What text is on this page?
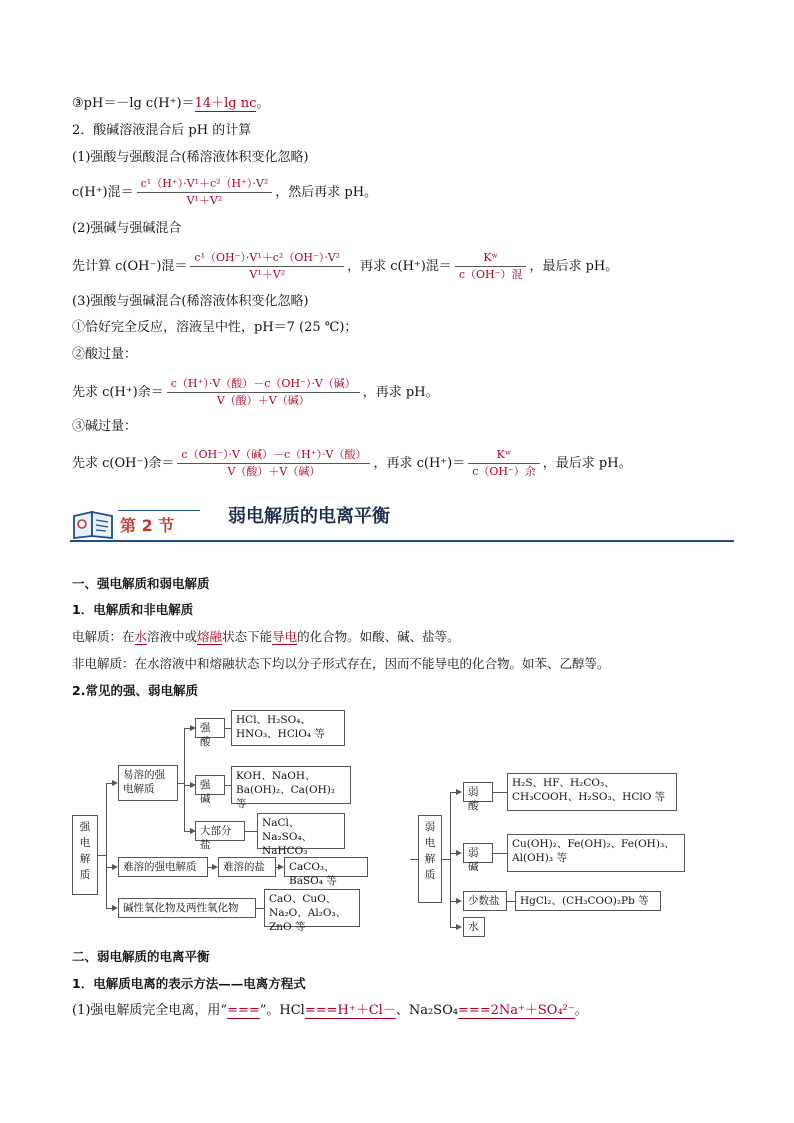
③pH＝－lg c(H⁺)＝14＋lg nc。
2．酸碱溶液混合后 pH 的计算
(1)强酸与强酸混合(稀溶液体积变化忽略)
c(H⁺)混＝ $\frac{\text{c¹（H⁺）·V¹＋c²（H⁺）·V²}}{\text{V¹＋V²}}$ ，然后再求 pH。
(2)强碱与强碱混合
先计算 c(OH⁻)混＝ $\frac{\text{c¹（OH⁻）·V¹＋c²（OH⁻）·V²}}{\text{V¹＋V²}}$ ，再求 c(H⁺)混＝ $\frac{\text{Kʷ}}{\text{c（OH⁻）混}}$ ，最后求 pH。
(3)强酸与强碱混合(稀溶液体积变化忽略)
①恰好完全反应，溶液呈中性，pH＝7 (25 ℃)；
②酸过量：
先求 c(H⁺)余＝ $\frac{\text{c（H⁺）·V（酸）－c（OH⁻）·V（碱）}}{\text{V（酸）＋V（碱）}}$ ，再求 pH。
③碱过量：
先求 c(OH⁻)余＝ $\frac{\text{c（OH⁻）·V（碱）－c（H⁺）·V（酸）}}{\text{V（酸）＋V（碱）}}$ ，再求 $c(H^+)= \frac{\text{Kʷ}}{\text{c（OH⁻）余}}$ ，最后求 pH。
第 2 节	弱电解质的电离平衡
一、强电解质和弱电解质
1．电解质和非电解质
电解质：在水溶液中或熔融状态下能导电的化合物。如酸、碱、盐等。
非电解质：在水溶液中和熔融状态下均以分子形式存在，因而不能导电的化合物。如苯、乙醇等。
2.常见的强、弱电解质
强电解质
易溶的强电解质
强酸
HCl、H₂SO₄、HNO₃、HClO₄ 等
强碱
KOH、NaOH、Ba(OH)₂、Ca(OH)₂ 等
大部分盐
NaCl、Na₂SO₄、NaHCO₃
难溶的强电解质	难溶的盐	CaCO₃、BaSO₄ 等
碱性氧化物及两性氧化物
CaO、CuO、Na₂O、Al₂O₃、ZnO 等
弱电解质
弱酸
H₂S、HF、H₂CO₃、CH₃COOH、H₂SO₃、HClO 等
弱碱
Cu(OH)₂、Fe(OH)₂、Fe(OH)₃、Al(OH)₃ 等
少数盐	HgCl₂、(CH₃COO)₂Pb 等
水
二、弱电解质的电离平衡
1．电解质电离的表示方法——电离方程式
(1)强电解质完全电离，用“===”。HCl===H⁺＋Cl－、Na₂SO₄===2Na⁺＋SO₄²⁻。
